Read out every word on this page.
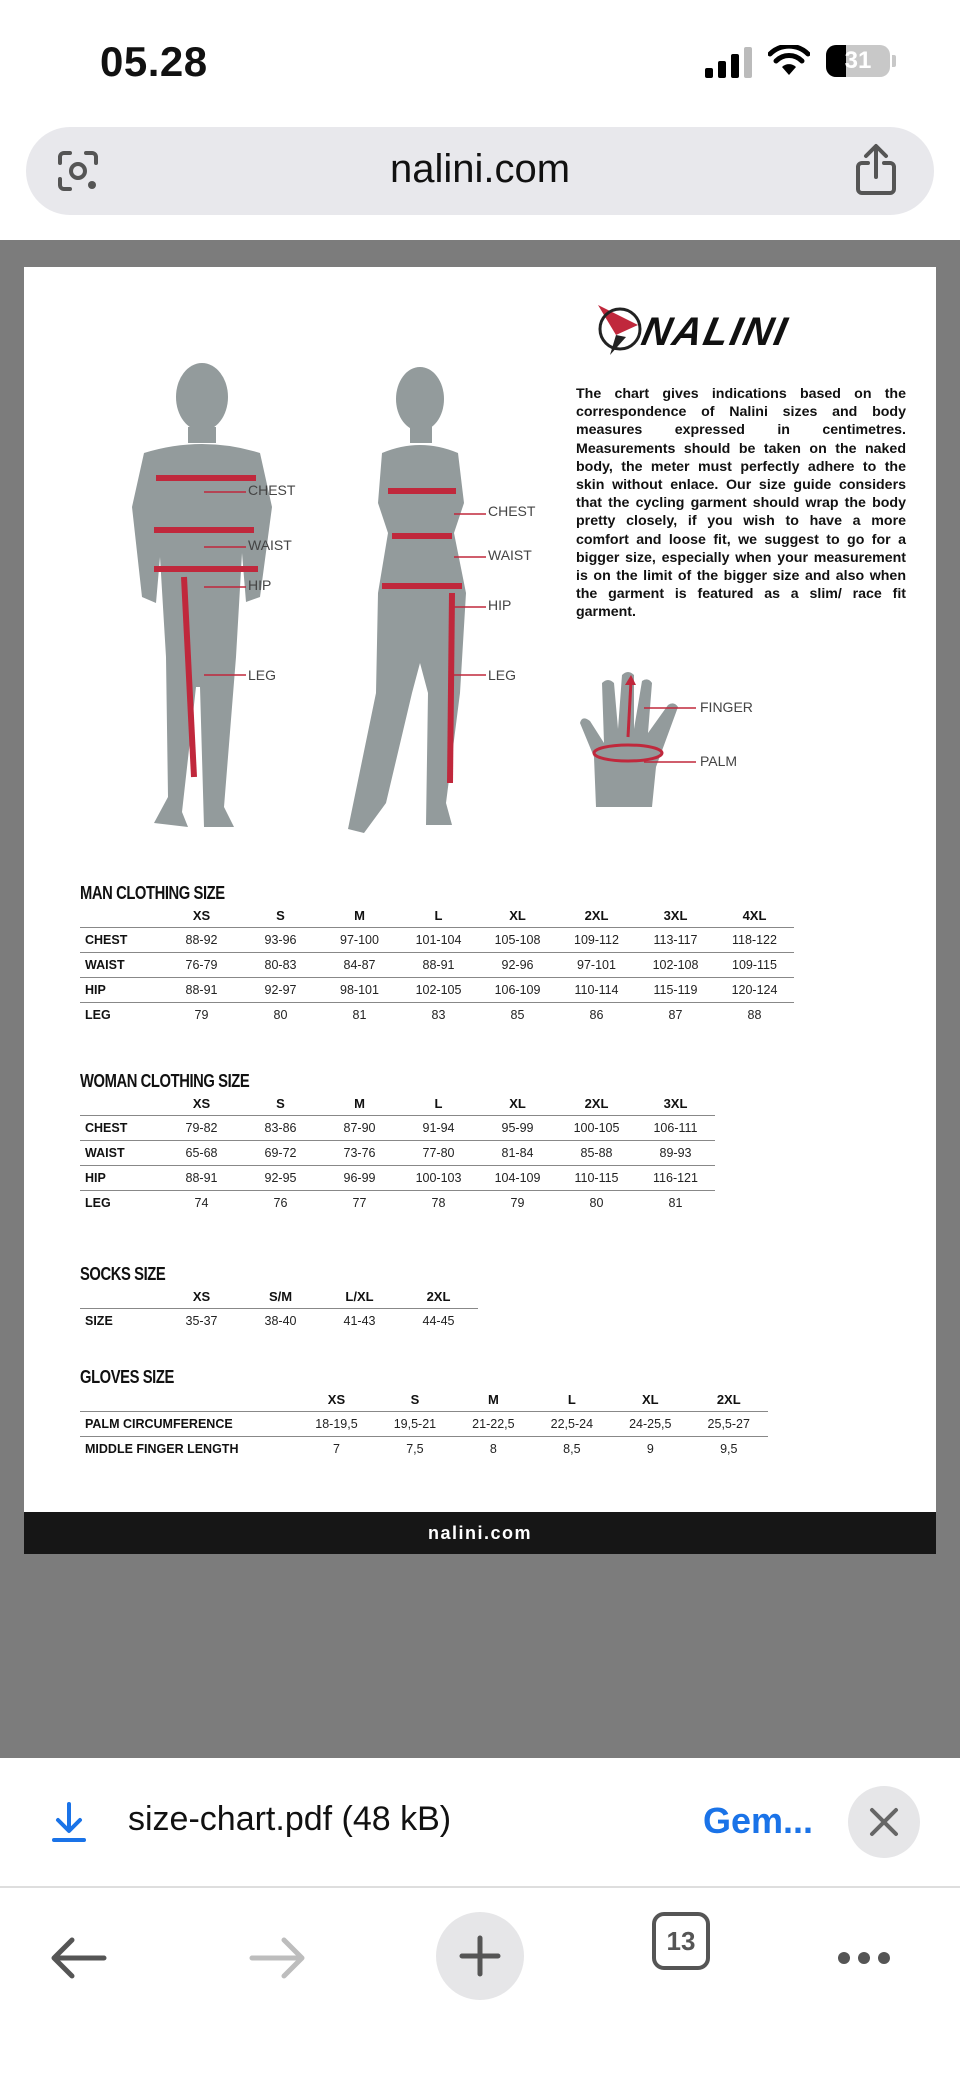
05.28	31
nalini.com
NALINI
The chart gives indications based on the correspondence of Nalini sizes and body measures expressed in centimetres. Measurements should be taken on the naked body, the meter must perfectly adhere to the skin without enlace. Our size guide considers that the cycling garment should wrap the body pretty closely, if you wish to have a more comfort and loose fit, we suggest to go for a bigger size, especially when your measurement is on the limit of the bigger size and also when the garment is featured as a slim/ race fit garment.
CHEST
WAIST
HIP
LEG
CHEST
WAIST
HIP
LEG
FINGER
PALM
MAN CLOTHING SIZE
	XS	S	M	L	XL	2XL	3XL	4XL
CHEST	88-92	93-96	97-100	101-104	105-108	109-112	113-117	118-122
WAIST	76-79	80-83	84-87	88-91	92-96	97-101	102-108	109-115
HIP	88-91	92-97	98-101	102-105	106-109	110-114	115-119	120-124
LEG	79	80	81	83	85	86	87	88
WOMAN CLOTHING SIZE
	XS	S	M	L	XL	2XL	3XL
CHEST	79-82	83-86	87-90	91-94	95-99	100-105	106-111
WAIST	65-68	69-72	73-76	77-80	81-84	85-88	89-93
HIP	88-91	92-95	96-99	100-103	104-109	110-115	116-121
LEG	74	76	77	78	79	80	81
SOCKS SIZE
	XS	S/M	L/XL	2XL
SIZE	35-37	38-40	41-43	44-45
GLOVES SIZE
	XS	S	M	L	XL	2XL
PALM CIRCUMFERENCE	18-19,5	19,5-21	21-22,5	22,5-24	24-25,5	25,5-27
MIDDLE FINGER LENGTH	7	7,5	8	8,5	9	9,5
nalini.com
size-chart.pdf (48 kB)	Gem...
13
